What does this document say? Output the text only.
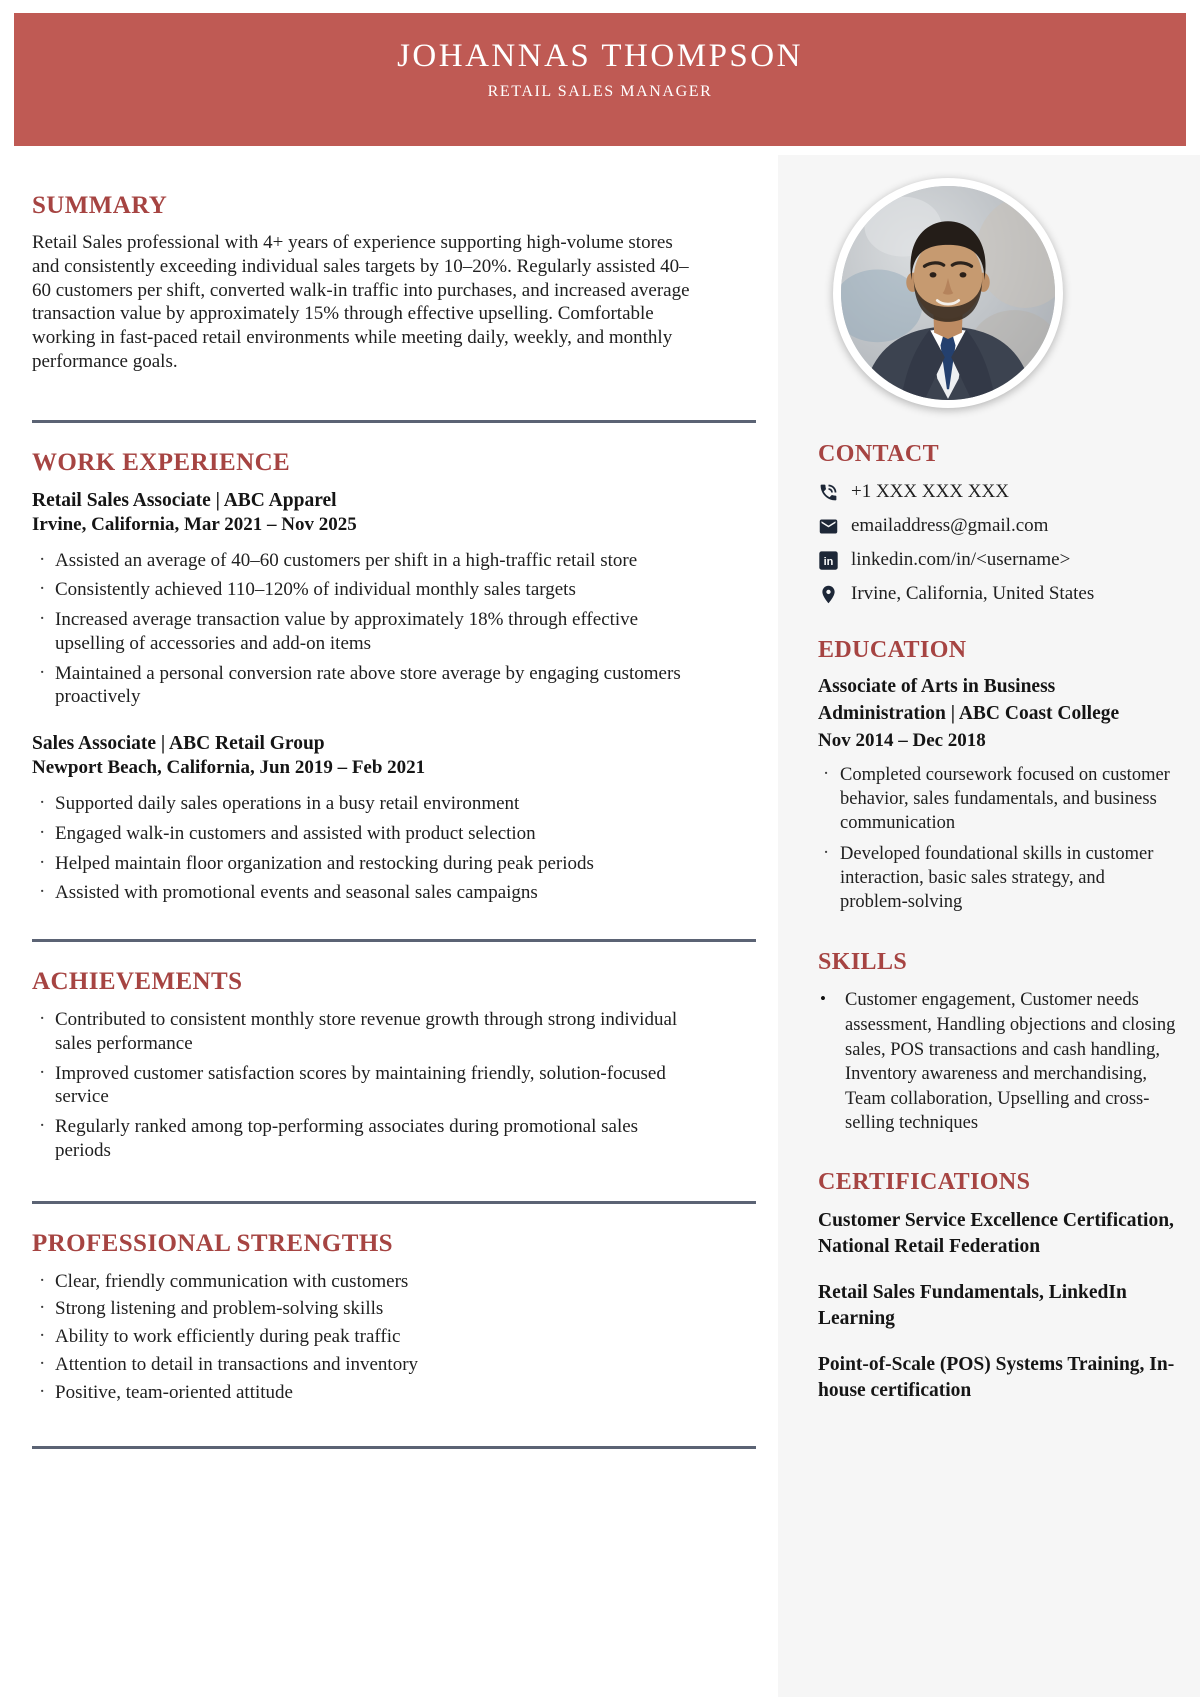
JOHANNAS THOMPSON
RETAIL SALES MANAGER
SUMMARY

Retail Sales professional with 4+ years of experience supporting high-volume stores and consistently exceeding individual sales targets by 10–20%. Regularly assisted 40–60 customers per shift, converted walk-in traffic into purchases, and increased average transaction value by approximately 15% through effective upselling. Comfortable working in fast-paced retail environments while meeting daily, weekly, and monthly performance goals.

WORK EXPERIENCE
Retail Sales Associate | ABC Apparel
Irvine, California, Mar 2021 – Nov 2025
· Assisted an average of 40–60 customers per shift in a high-traffic retail store
· Consistently achieved 110–120% of individual monthly sales targets
· Increased average transaction value by approximately 18% through effective upselling of accessories and add-on items
· Maintained a personal conversion rate above store average by engaging customers proactively
Sales Associate | ABC Retail Group
Newport Beach, California, Jun 2019 – Feb 2021
· Supported daily sales operations in a busy retail environment
· Engaged walk-in customers and assisted with product selection
· Helped maintain floor organization and restocking during peak periods
· Assisted with promotional events and seasonal sales campaigns
ACHIEVEMENTS
· Contributed to consistent monthly store revenue growth through strong individual sales performance
· Improved customer satisfaction scores by maintaining friendly, solution-focused service
· Regularly ranked among top-performing associates during promotional sales periods
PROFESSIONAL STRENGTHS
· Clear, friendly communication with customers
· Strong listening and problem-solving skills
· Ability to work efficiently during peak traffic
· Attention to detail in transactions and inventory
· Positive, team-oriented attitude
CONTACT
+1 XXX XXX XXX
emailaddress@gmail.com
in linkedin.com/in/<username>
Irvine, California, United States
EDUCATION
Associate of Arts in Business Administration | ABC Coast College
Nov 2014 – Dec 2018
· Completed coursework focused on customer behavior, sales fundamentals, and business communication
· Developed foundational skills in customer interaction, basic sales strategy, and problem-solving
SKILLS
• Customer engagement, Customer needs assessment, Handling objections and closing sales, POS transactions and cash handling, Inventory awareness and merchandising, Team collaboration, Upselling and cross-selling techniques
CERTIFICATIONS
Customer Service Excellence Certification, National Retail Federation
Retail Sales Fundamentals, LinkedIn Learning
Point-of-Scale (POS) Systems Training, In-house certification
